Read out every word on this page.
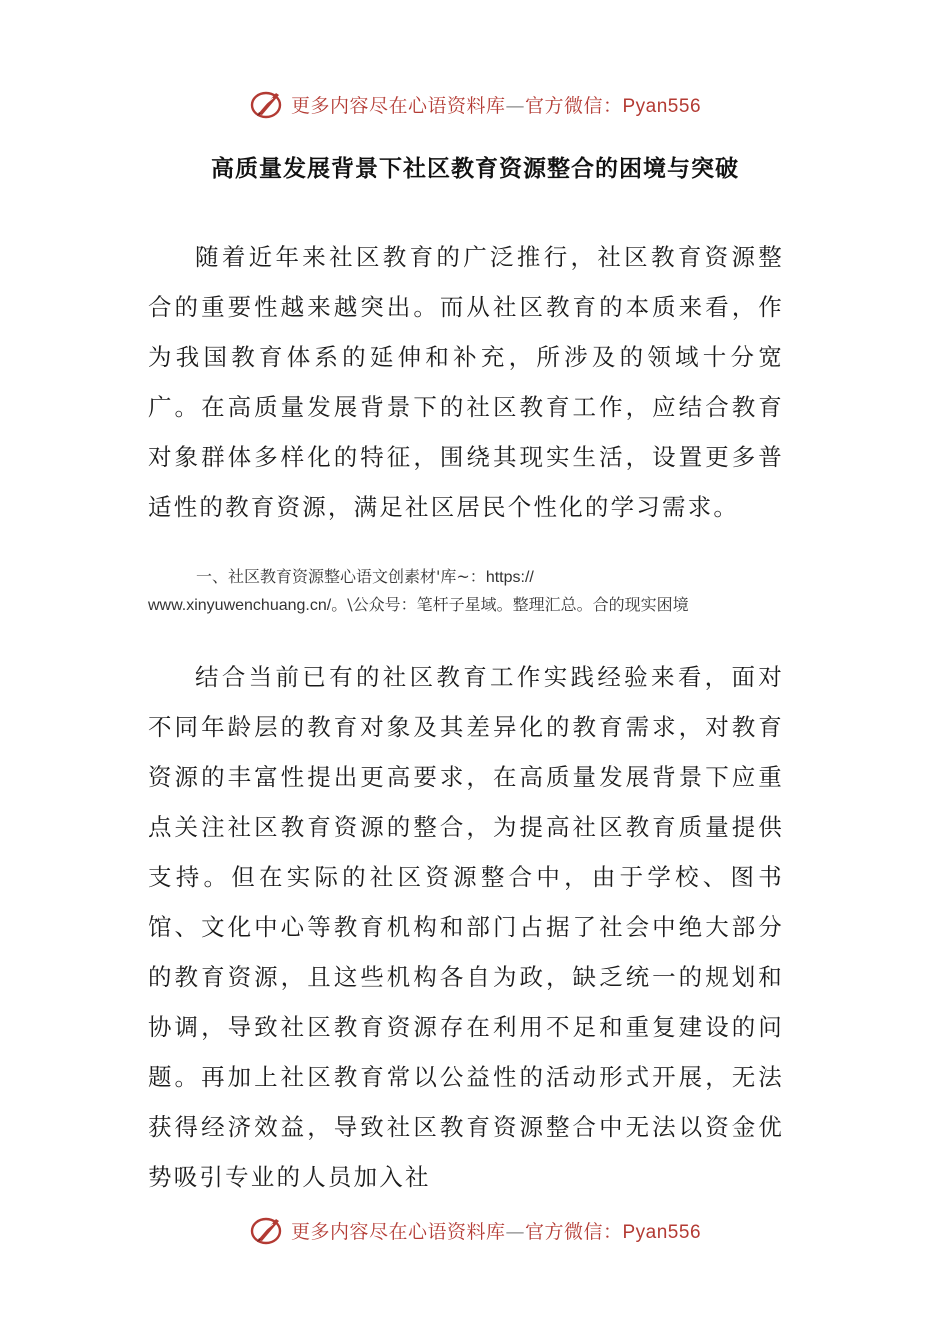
更多内容尽在心语资料库—官方微信：Pyan556
高质量发展背景下社区教育资源整合的困境与突破

随着近年来社区教育的广泛推行，社区教育资源整合的重要性越来越突出。而从社区教育的本质来看，作为我国教育体系的延伸和补充，所涉及的领域十分宽广。在高质量发展背景下的社区教育工作，应结合教育对象群体多样化的特征，围绕其现实生活，设置更多普适性的教育资源，满足社区居民个性化的学习需求。

一、社区教育资源整心语文创素材'库~：https://
www.xinyuwenchuang.cn/。\公众号：笔杆子星域。整理汇总。合的现实困境

结合当前已有的社区教育工作实践经验来看，面对不同年龄层的教育对象及其差异化的教育需求，对教育资源的丰富性提出更高要求，在高质量发展背景下应重点关注社区教育资源的整合，为提高社区教育质量提供支持。但在实际的社区资源整合中，由于学校、图书馆、文化中心等教育机构和部门占据了社会中绝大部分的教育资源，且这些机构各自为政，缺乏统一的规划和协调，导致社区教育资源存在利用不足和重复建设的问题。再加上社区教育常以公益性的活动形式开展，无法获得经济效益，导致社区教育资源整合中无法以资金优势吸引专业的人员加入社

更多内容尽在心语资料库—官方微信：Pyan556
